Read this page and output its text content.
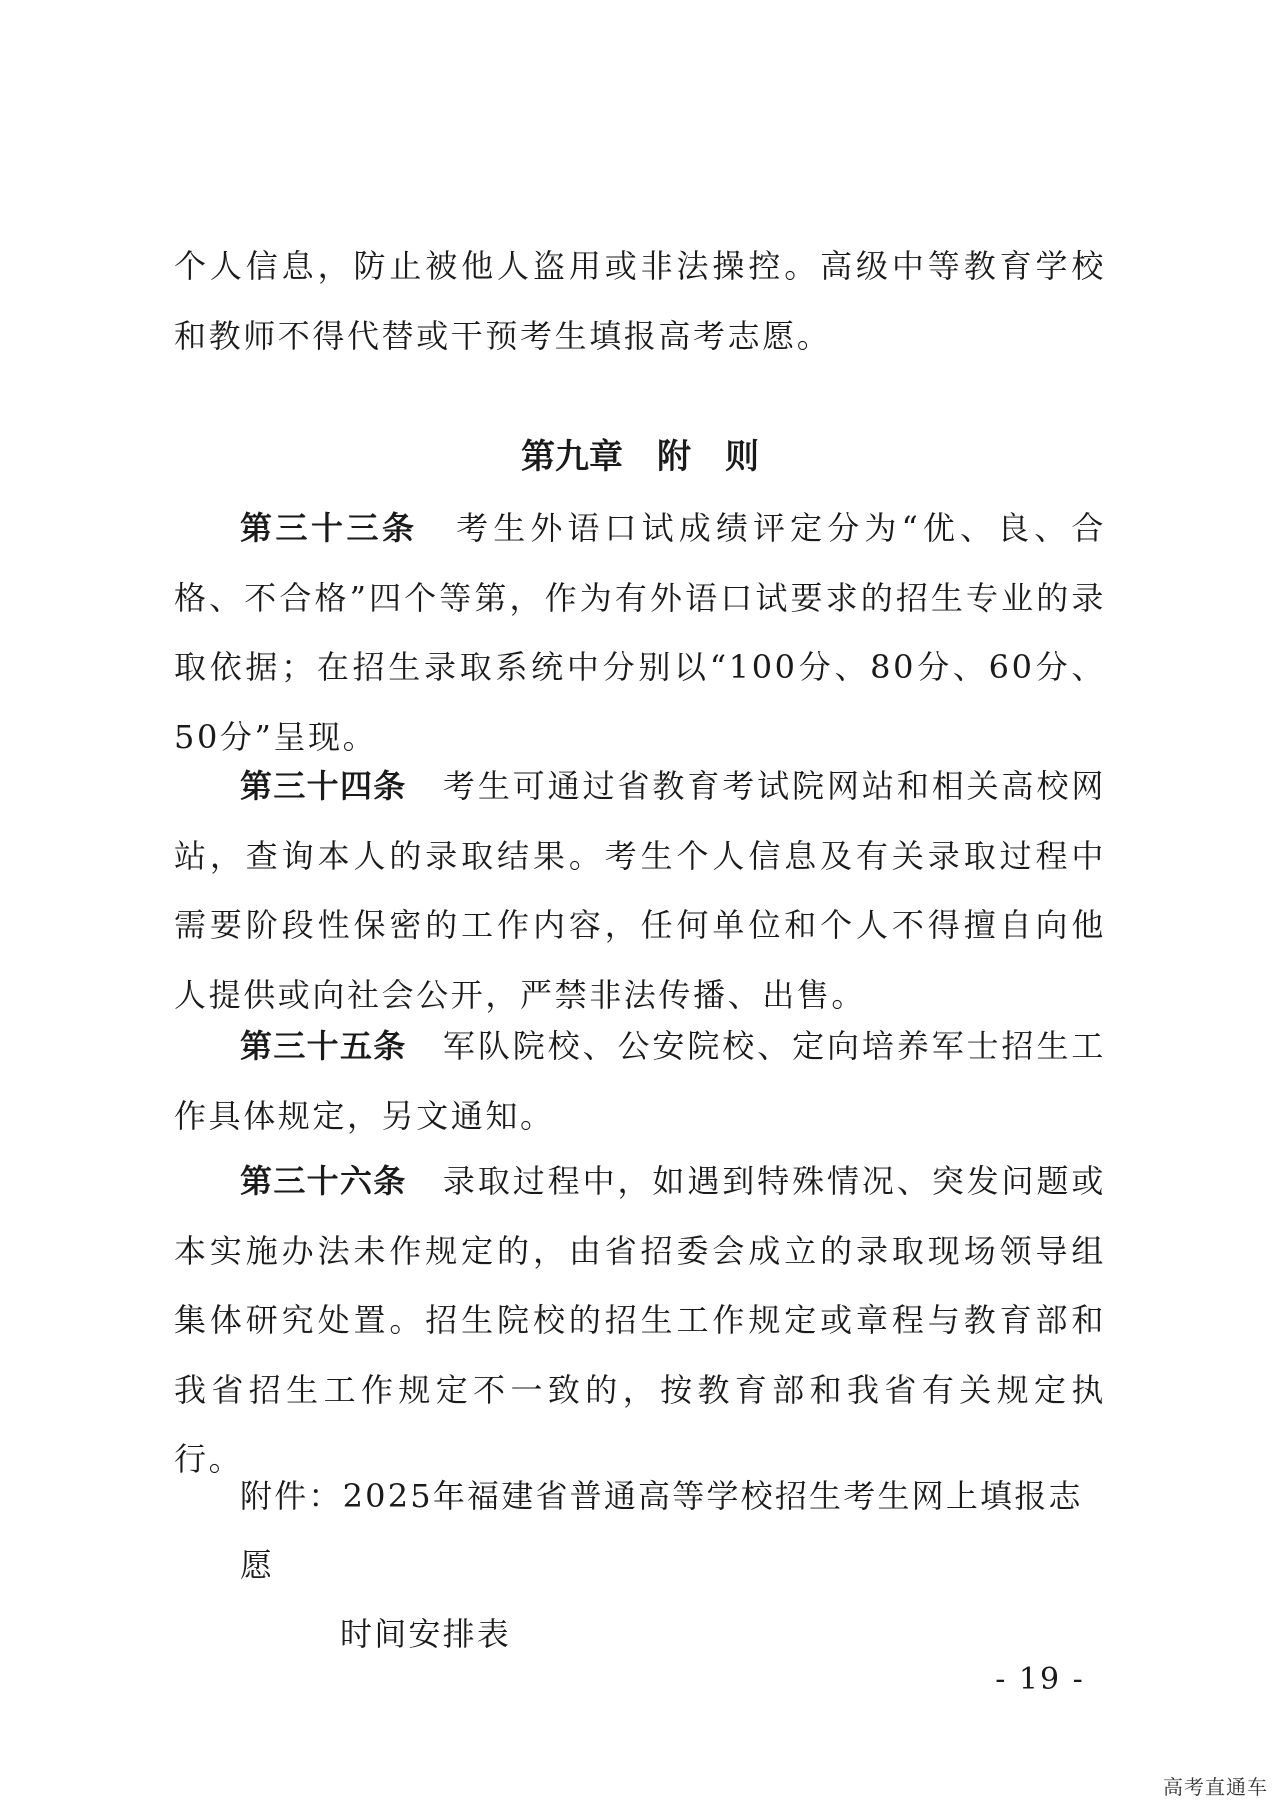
个人信息，防止被他人盗用或非法操控。高级中等教育学校和教师不得代替或干预考生填报高考志愿。

第九章 附　则

第三十三条 考生外语口试成绩评定分为“优、良、合格、不合格”四个等第，作为有外语口试要求的招生专业的录取依据；在招生录取系统中分别以“100分、80分、60分、50分”呈现。

第三十四条 考生可通过省教育考试院网站和相关高校网站，查询本人的录取结果。考生个人信息及有关录取过程中需要阶段性保密的工作内容，任何单位和个人不得擅自向他人提供或向社会公开，严禁非法传播、出售。

第三十五条 军队院校、公安院校、定向培养军士招生工作具体规定，另文通知。

第三十六条 录取过程中，如遇到特殊情况、突发问题或本实施办法未作规定的，由省招委会成立的录取现场领导组集体研究处置。招生院校的招生工作规定或章程与教育部和我省招生工作规定不一致的，按教育部和我省有关规定执行。

附件：2025年福建省普通高等学校招生考生网上填报志愿
时间安排表

- 19 -
高考直通车
